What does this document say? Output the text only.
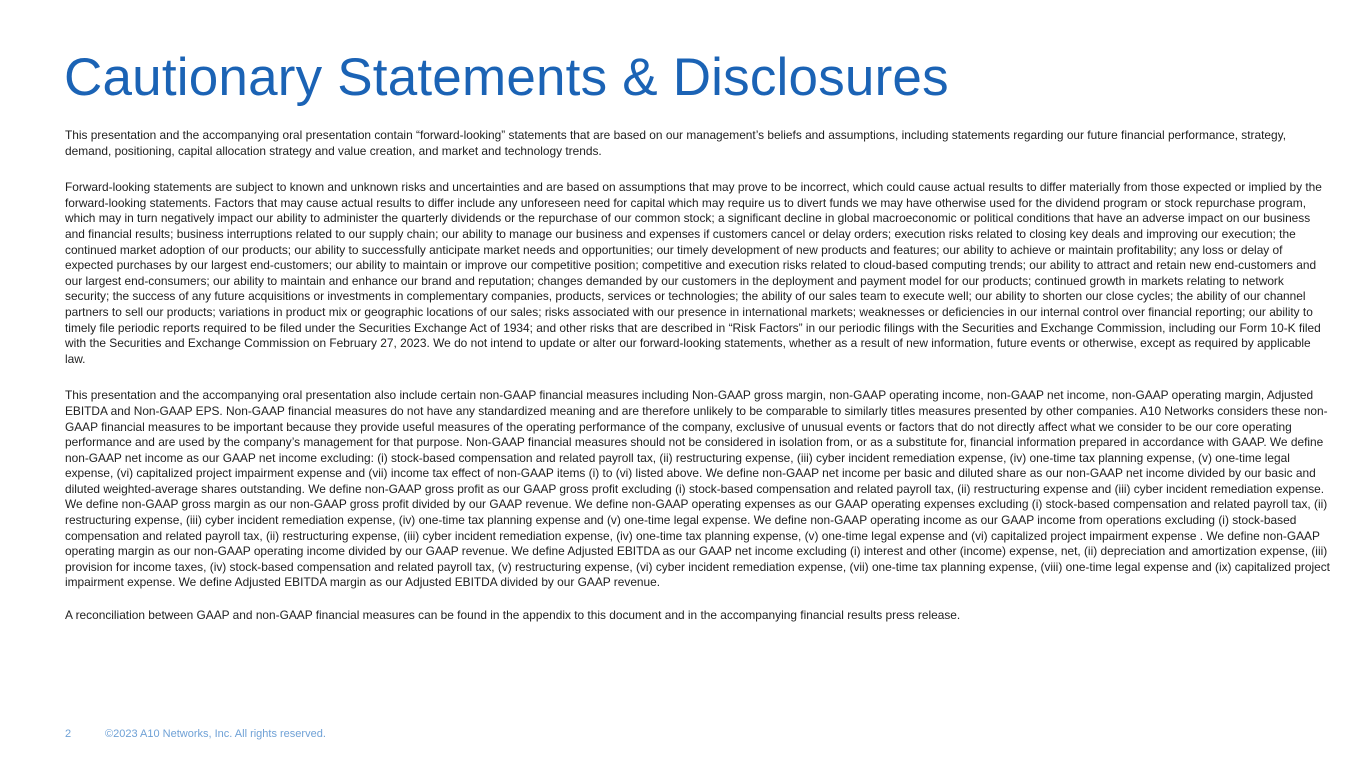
Cautionary Statements & Disclosures

This presentation and the accompanying oral presentation contain “forward-looking” statements that are based on our management’s beliefs and assumptions, including statements regarding our future financial performance, strategy, demand, positioning, capital allocation strategy and value creation, and market and technology trends.

Forward-looking statements are subject to known and unknown risks and uncertainties and are based on assumptions that may prove to be incorrect, which could cause actual results to differ materially from those expected or implied by the forward-looking statements. Factors that may cause actual results to differ include any unforeseen need for capital which may require us to divert funds we may have otherwise used for the dividend program or stock repurchase program, which may in turn negatively impact our ability to administer the quarterly dividends or the repurchase of our common stock; a significant decline in global macroeconomic or political conditions that have an adverse impact on our business and financial results; business interruptions related to our supply chain; our ability to manage our business and expenses if customers cancel or delay orders; execution risks related to closing key deals and improving our execution; the continued market adoption of our products; our ability to successfully anticipate market needs and opportunities; our timely development of new products and features; our ability to achieve or maintain profitability; any loss or delay of expected purchases by our largest end-customers; our ability to maintain or improve our competitive position; competitive and execution risks related to cloud-based computing trends; our ability to attract and retain new end-customers and our largest end-consumers; our ability to maintain and enhance our brand and reputation; changes demanded by our customers in the deployment and payment model for our products; continued growth in markets relating to network security; the success of any future acquisitions or investments in complementary companies, products, services or technologies; the ability of our sales team to execute well; our ability to shorten our close cycles; the ability of our channel partners to sell our products; variations in product mix or geographic locations of our sales; risks associated with our presence in international markets; weaknesses or deficiencies in our internal control over financial reporting; our ability to timely file periodic reports required to be filed under the Securities Exchange Act of 1934; and other risks that are described in “Risk Factors” in our periodic filings with the Securities and Exchange Commission, including our Form 10-K filed with the Securities and Exchange Commission on February 27, 2023. We do not intend to update or alter our forward-looking statements, whether as a result of new information, future events or otherwise, except as required by applicable law.

This presentation and the accompanying oral presentation also include certain non-GAAP financial measures including Non-GAAP gross margin, non-GAAP operating income, non-GAAP net income, non-GAAP operating margin, Adjusted EBITDA and Non-GAAP EPS. Non-GAAP financial measures do not have any standardized meaning and are therefore unlikely to be comparable to similarly titles measures presented by other companies. A10 Networks considers these non-GAAP financial measures to be important because they provide useful measures of the operating performance of the company, exclusive of unusual events or factors that do not directly affect what we consider to be our core operating performance and are used by the company’s management for that purpose. Non-GAAP financial measures should not be considered in isolation from, or as a substitute for, financial information prepared in accordance with GAAP. We define non-GAAP net income as our GAAP net income excluding: (i) stock-based compensation and related payroll tax, (ii) restructuring expense, (iii) cyber incident remediation expense, (iv) one-time tax planning expense, (v) one-time legal expense, (vi) capitalized project impairment expense and (vii) income tax effect of non-GAAP items (i) to (vi) listed above. We define non-GAAP net income per basic and diluted share as our non-GAAP net income divided by our basic and diluted weighted-average shares outstanding. We define non-GAAP gross profit as our GAAP gross profit excluding (i) stock-based compensation and related payroll tax, (ii) restructuring expense and (iii) cyber incident remediation expense. We define non-GAAP gross margin as our non-GAAP gross profit divided by our GAAP revenue. We define non-GAAP operating expenses as our GAAP operating expenses excluding (i) stock-based compensation and related payroll tax, (ii) restructuring expense, (iii) cyber incident remediation expense, (iv) one-time tax planning expense and (v) one-time legal expense. We define non-GAAP operating income as our GAAP income from operations excluding (i) stock-based compensation and related payroll tax, (ii) restructuring expense, (iii) cyber incident remediation expense, (iv) one-time tax planning expense, (v) one-time legal expense and (vi) capitalized project impairment expense . We define non-GAAP operating margin as our non-GAAP operating income divided by our GAAP revenue. We define Adjusted EBITDA as our GAAP net income excluding (i) interest and other (income) expense, net, (ii) depreciation and amortization expense, (iii) provision for income taxes, (iv) stock-based compensation and related payroll tax, (v) restructuring expense, (vi) cyber incident remediation expense, (vii) one-time tax planning expense, (viii) one-time legal expense and (ix) capitalized project impairment expense. We define Adjusted EBITDA margin as our Adjusted EBITDA divided by our GAAP revenue.

A reconciliation between GAAP and non-GAAP financial measures can be found in the appendix to this document and in the accompanying financial results press release.

2	©2023 A10 Networks, Inc. All rights reserved.
